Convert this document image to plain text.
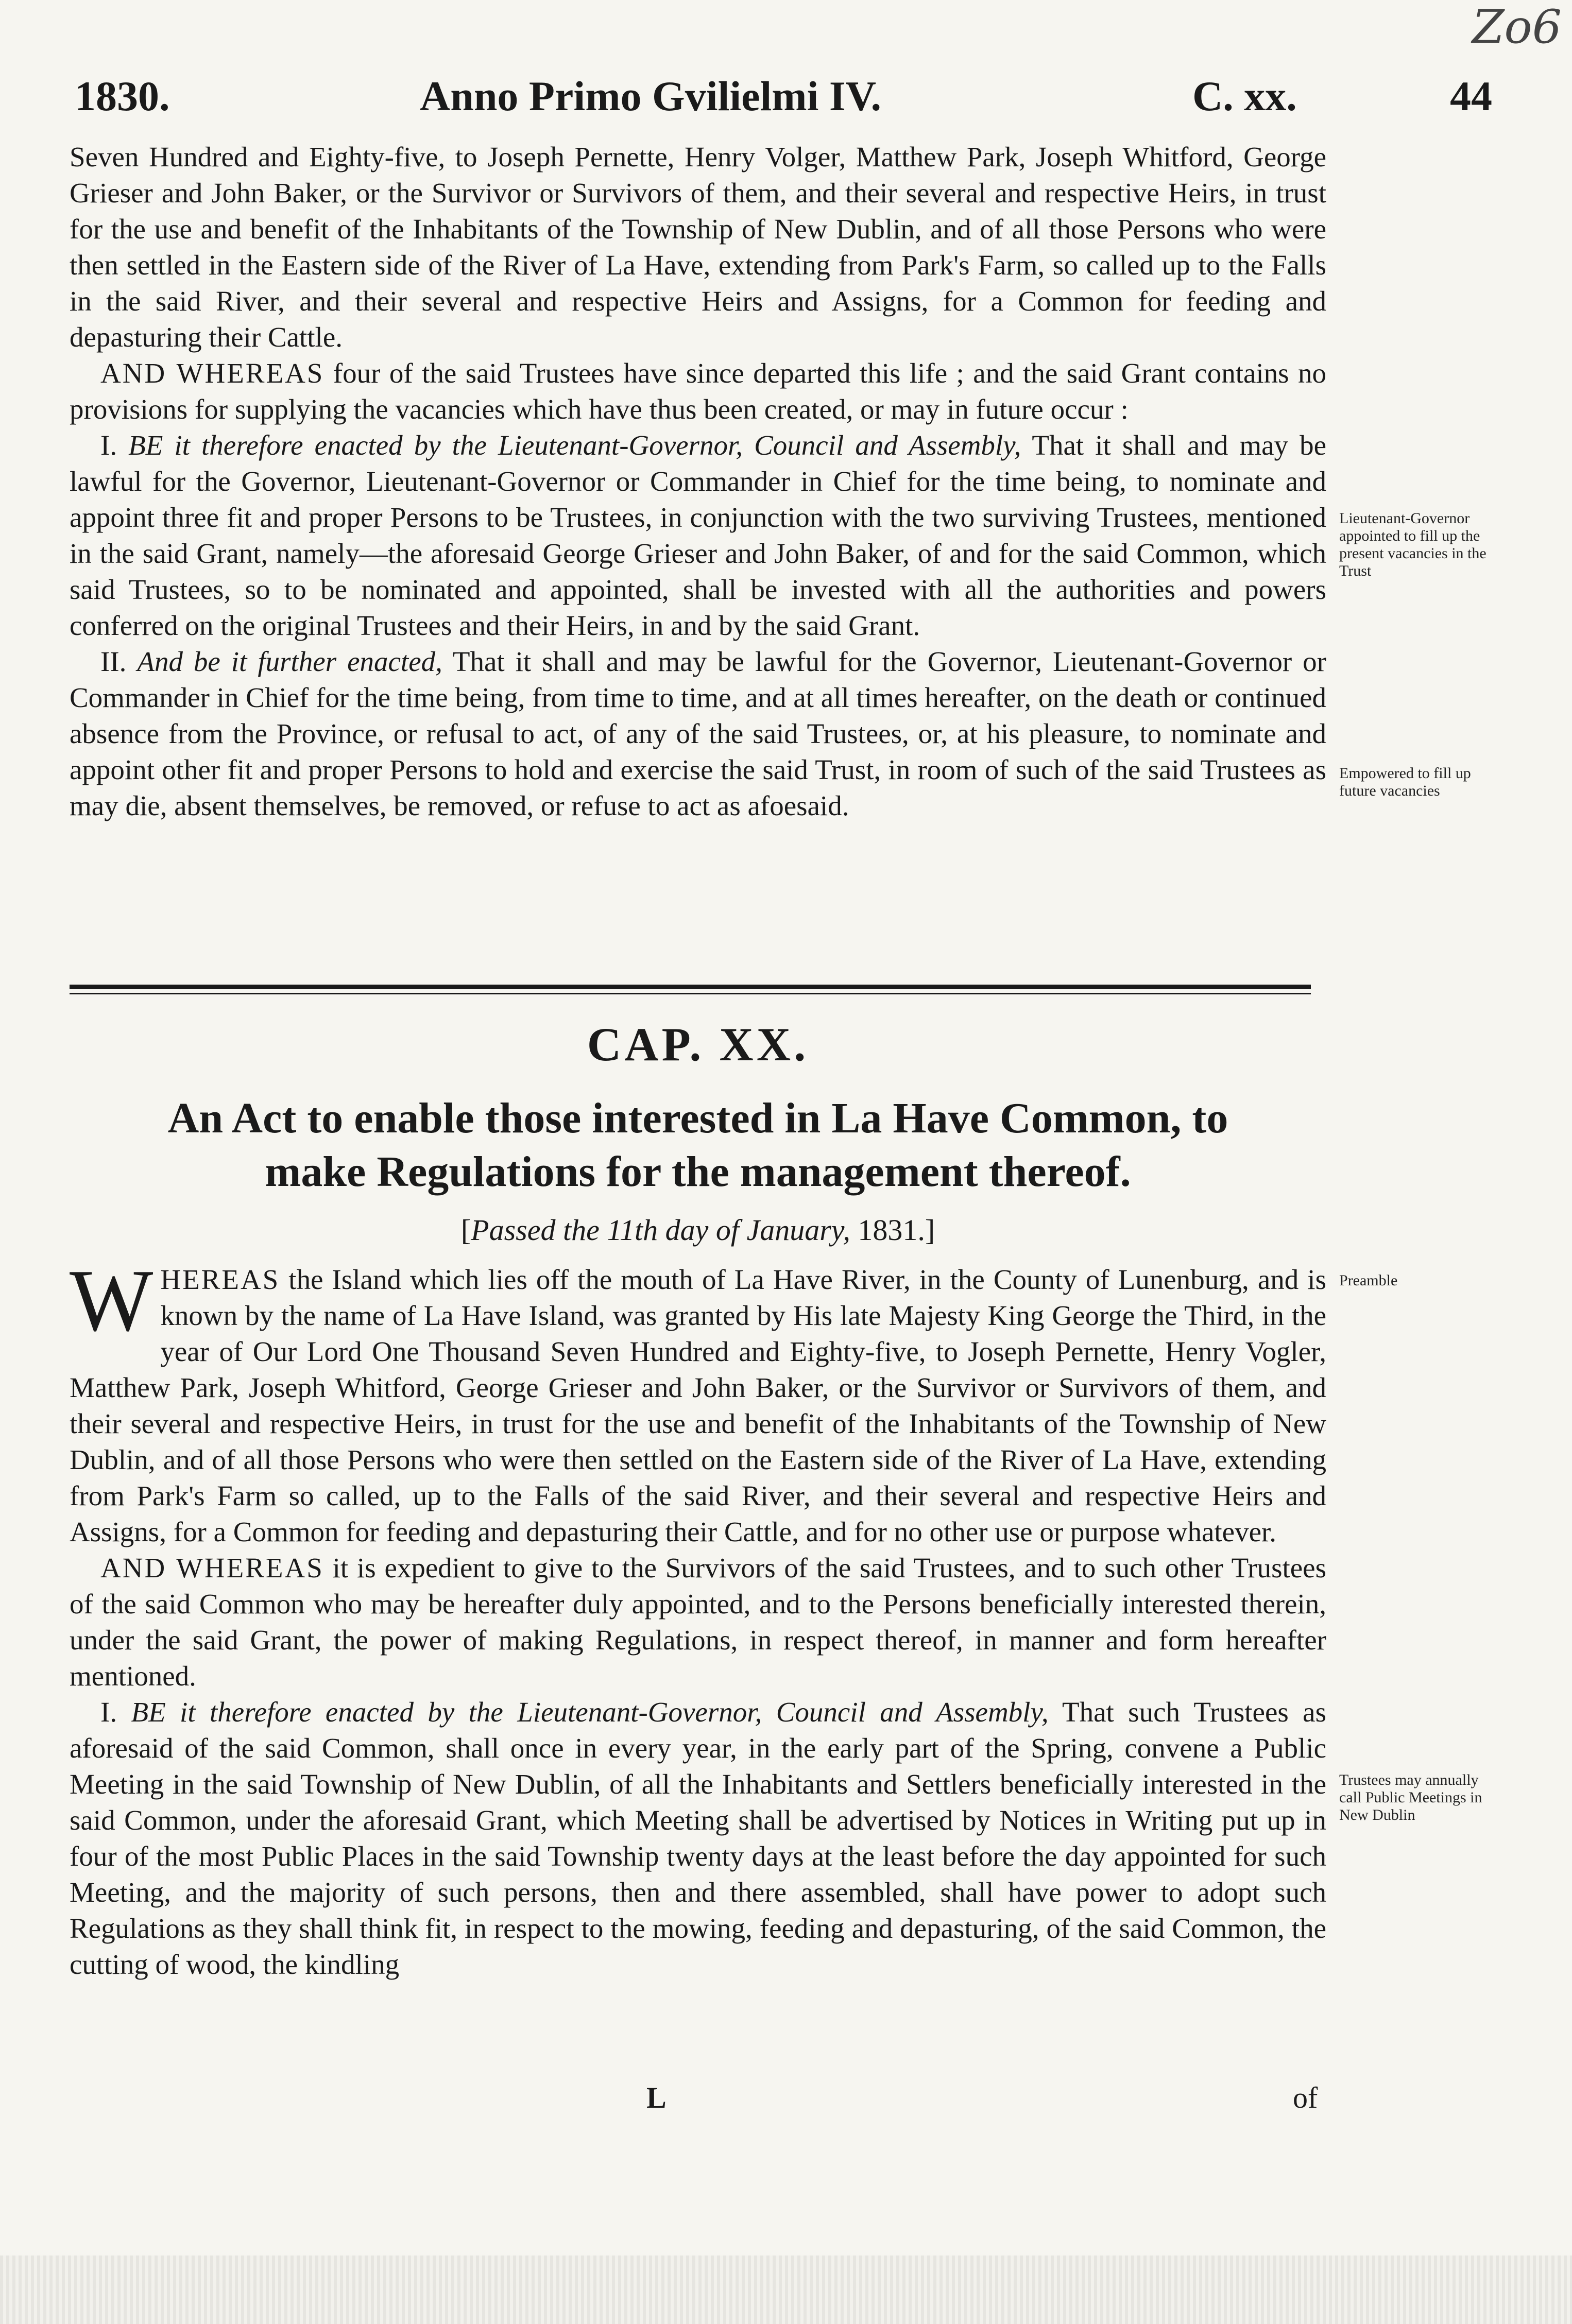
Zo6
1830.	Anno Primo Gvilielmi IV.	C. xx.	44

Seven Hundred and Eighty-five, to Joseph Pernette, Henry Volger, Matthew Park, Joseph Whitford, George Grieser and John Baker, or the Survivor or Survivors of them, and their several and respective Heirs, in trust for the use and benefit of the Inhabitants of the Township of New Dublin, and of all those Persons who were then settled in the Eastern side of the River of La Have, extending from Park's Farm, so called up to the Falls in the said River, and their several and respective Heirs and Assigns, for a Common for feeding and depasturing their Cattle.

AND WHEREAS four of the said Trustees have since departed this life ; and the said Grant contains no provisions for supplying the vacancies which have thus been created, or may in future occur :

I. BE it therefore enacted by the Lieutenant-Governor, Council and Assembly, That it shall and may be lawful for the Governor, Lieutenant-Governor or Commander in Chief for the time being, to nominate and appoint three fit and proper Persons to be Trustees, in conjunction with the two surviving Trustees, mentioned in the said Grant, namely—the aforesaid George Grieser and John Baker, of and for the said Common, which said Trustees, so to be nominated and appointed, shall be invested with all the authorities and powers conferred on the original Trustees and their Heirs, in and by the said Grant.

II. And be it further enacted, That it shall and may be lawful for the Governor, Lieutenant-Governor or Commander in Chief for the time being, from time to time, and at all times hereafter, on the death or continued absence from the Province, or refusal to act, of any of the said Trustees, or, at his pleasure, to nominate and appoint other fit and proper Persons to hold and exercise the said Trust, in room of such of the said Trustees as may die, absent themselves, be removed, or refuse to act as afoesaid.

Lieutenant-Governor appointed to fill up the present vacancies in the Trust
Empowered to fill up future vacancies
CAP. XX.
An Act to enable those interested in La Have Common, to
make Regulations for the management thereof.
[Passed the 11th day of January, 1831.]

WHEREAS the Island which lies off the mouth of La Have River, in the County of Lunenburg, and is known by the name of La Have Island, was granted by His late Majesty King George the Third, in the year of Our Lord One Thousand Seven Hundred and Eighty-five, to Joseph Pernette, Henry Vogler, Matthew Park, Joseph Whitford, George Grieser and John Baker, or the Survivor or Survivors of them, and their several and respective Heirs, in trust for the use and benefit of the Inhabitants of the Township of New Dublin, and of all those Persons who were then settled on the Eastern side of the River of La Have, extending from Park's Farm so called, up to the Falls of the said River, and their several and respective Heirs and Assigns, for a Common for feeding and depasturing their Cattle, and for no other use or purpose whatever.

AND WHEREAS it is expedient to give to the Survivors of the said Trustees, and to such other Trustees of the said Common who may be hereafter duly appointed, and to the Persons beneficially interested therein, under the said Grant, the power of making Regulations, in respect thereof, in manner and form hereafter mentioned.

I. BE it therefore enacted by the Lieutenant-Governor, Council and Assembly, That such Trustees as aforesaid of the said Common, shall once in every year, in the early part of the Spring, convene a Public Meeting in the said Township of New Dublin, of all the Inhabitants and Settlers beneficially interested in the said Common, under the aforesaid Grant, which Meeting shall be advertised by Notices in Writing put up in four of the most Public Places in the said Township twenty days at the least before the day appointed for such Meeting, and the majority of such persons, then and there assembled, shall have power to adopt such Regulations as they shall think fit, in respect to the mowing, feeding and depasturing, of the said Common, the cutting of wood, the kindling

Preamble
Trustees may annually call Public Meetings in New Dublin
L	of
